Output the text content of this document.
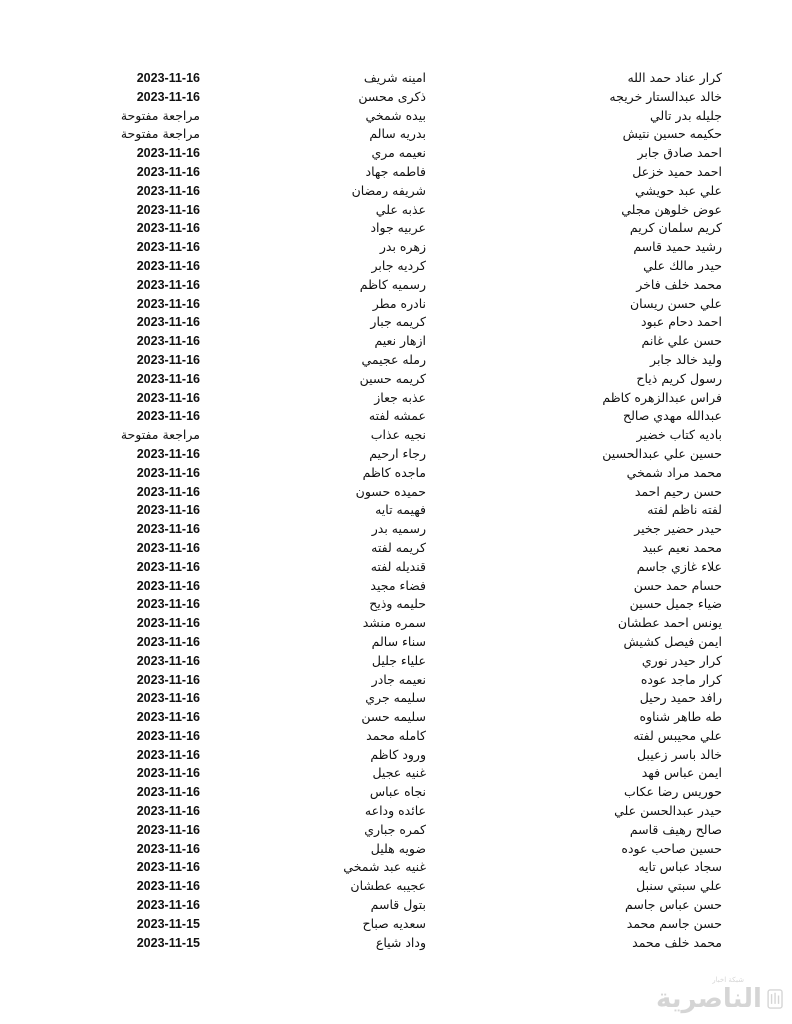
كرار عناد حمد الله
امينه شريف
2023-11-16
خالد عبدالستار خريجه
ذكرى محسن
2023-11-16
جليله بدر تالي
بيده شمخي
مراجعة مفتوحة
حكيمه حسين نتيش
بدريه سالم
مراجعة مفتوحة
احمد صادق جابر
نعيمه مري
2023-11-16
احمد حميد خزعل
فاطمه جهاد
2023-11-16
علي عبد حويشي
شريفه رمضان
2023-11-16
عوض خلوهن مجلي
عذبه علي
2023-11-16
كريم سلمان كريم
عربيه جواد
2023-11-16
رشيد حميد قاسم
زهره بدر
2023-11-16
حيدر مالك علي
كرديه جابر
2023-11-16
محمد خلف فاخر
رسميه كاظم
2023-11-16
علي حسن ريسان
نادره مطر
2023-11-16
احمد دحام عبود
كريمه جبار
2023-11-16
حسن علي غانم
ازهار نعيم
2023-11-16
وليد خالد جابر
رمله عجيمي
2023-11-16
رسول كريم ذياح
كريمه حسين
2023-11-16
فراس عبدالزهره كاظم
عذبه جعاز
2023-11-16
عبدالله مهدي صالح
عمشه لفته
2023-11-16
باديه كتاب خضير
نجيه عذاب
مراجعة مفتوحة
حسين علي عبدالحسين
رجاء ارحيم
2023-11-16
محمد مراد شمخي
ماجده كاظم
2023-11-16
حسن رحيم احمد
حميده حسون
2023-11-16
لفته ناظم لفته
فهيمه تايه
2023-11-16
حيدر حضير جخير
رسميه بدر
2023-11-16
محمد نعيم عبيد
كريمه لفته
2023-11-16
علاء غازي جاسم
قنديله لفته
2023-11-16
حسام حمد حسن
فضاء مجيد
2023-11-16
ضياء جميل حسين
حليمه وذيح
2023-11-16
يونس احمد عطشان
سمره منشد
2023-11-16
ايمن فيصل كشيش
سناء سالم
2023-11-16
كرار حيدر نوري
علياء جليل
2023-11-16
كرار ماجد عوده
نعيمه جادر
2023-11-16
رافد حميد رحيل
سليمه جري
2023-11-16
طه طاهر شناوه
سليمه حسن
2023-11-16
علي محيبس لفته
كامله محمد
2023-11-16
خالد باسر زعيبل
ورود كاظم
2023-11-16
ايمن عباس فهد
غنيه عجيل
2023-11-16
حوريس رضا عكاب
نجاه عباس
2023-11-16
حيدر عبدالحسن علي
عائده وداعه
2023-11-16
صالح رهيف قاسم
كمره جباري
2023-11-16
حسين صاحب عوده
ضويه هليل
2023-11-16
سجاد عباس تايه
غنيه عبد شمخي
2023-11-16
علي سبتي سنبل
عجيبه عطشان
2023-11-16
حسن عباس جاسم
بتول قاسم
2023-11-16
حسن جاسم محمد
سعديه صباح
2023-11-15
محمد خلف محمد
وداد شياع
2023-11-15
شبكة اخبار
الناصرية
